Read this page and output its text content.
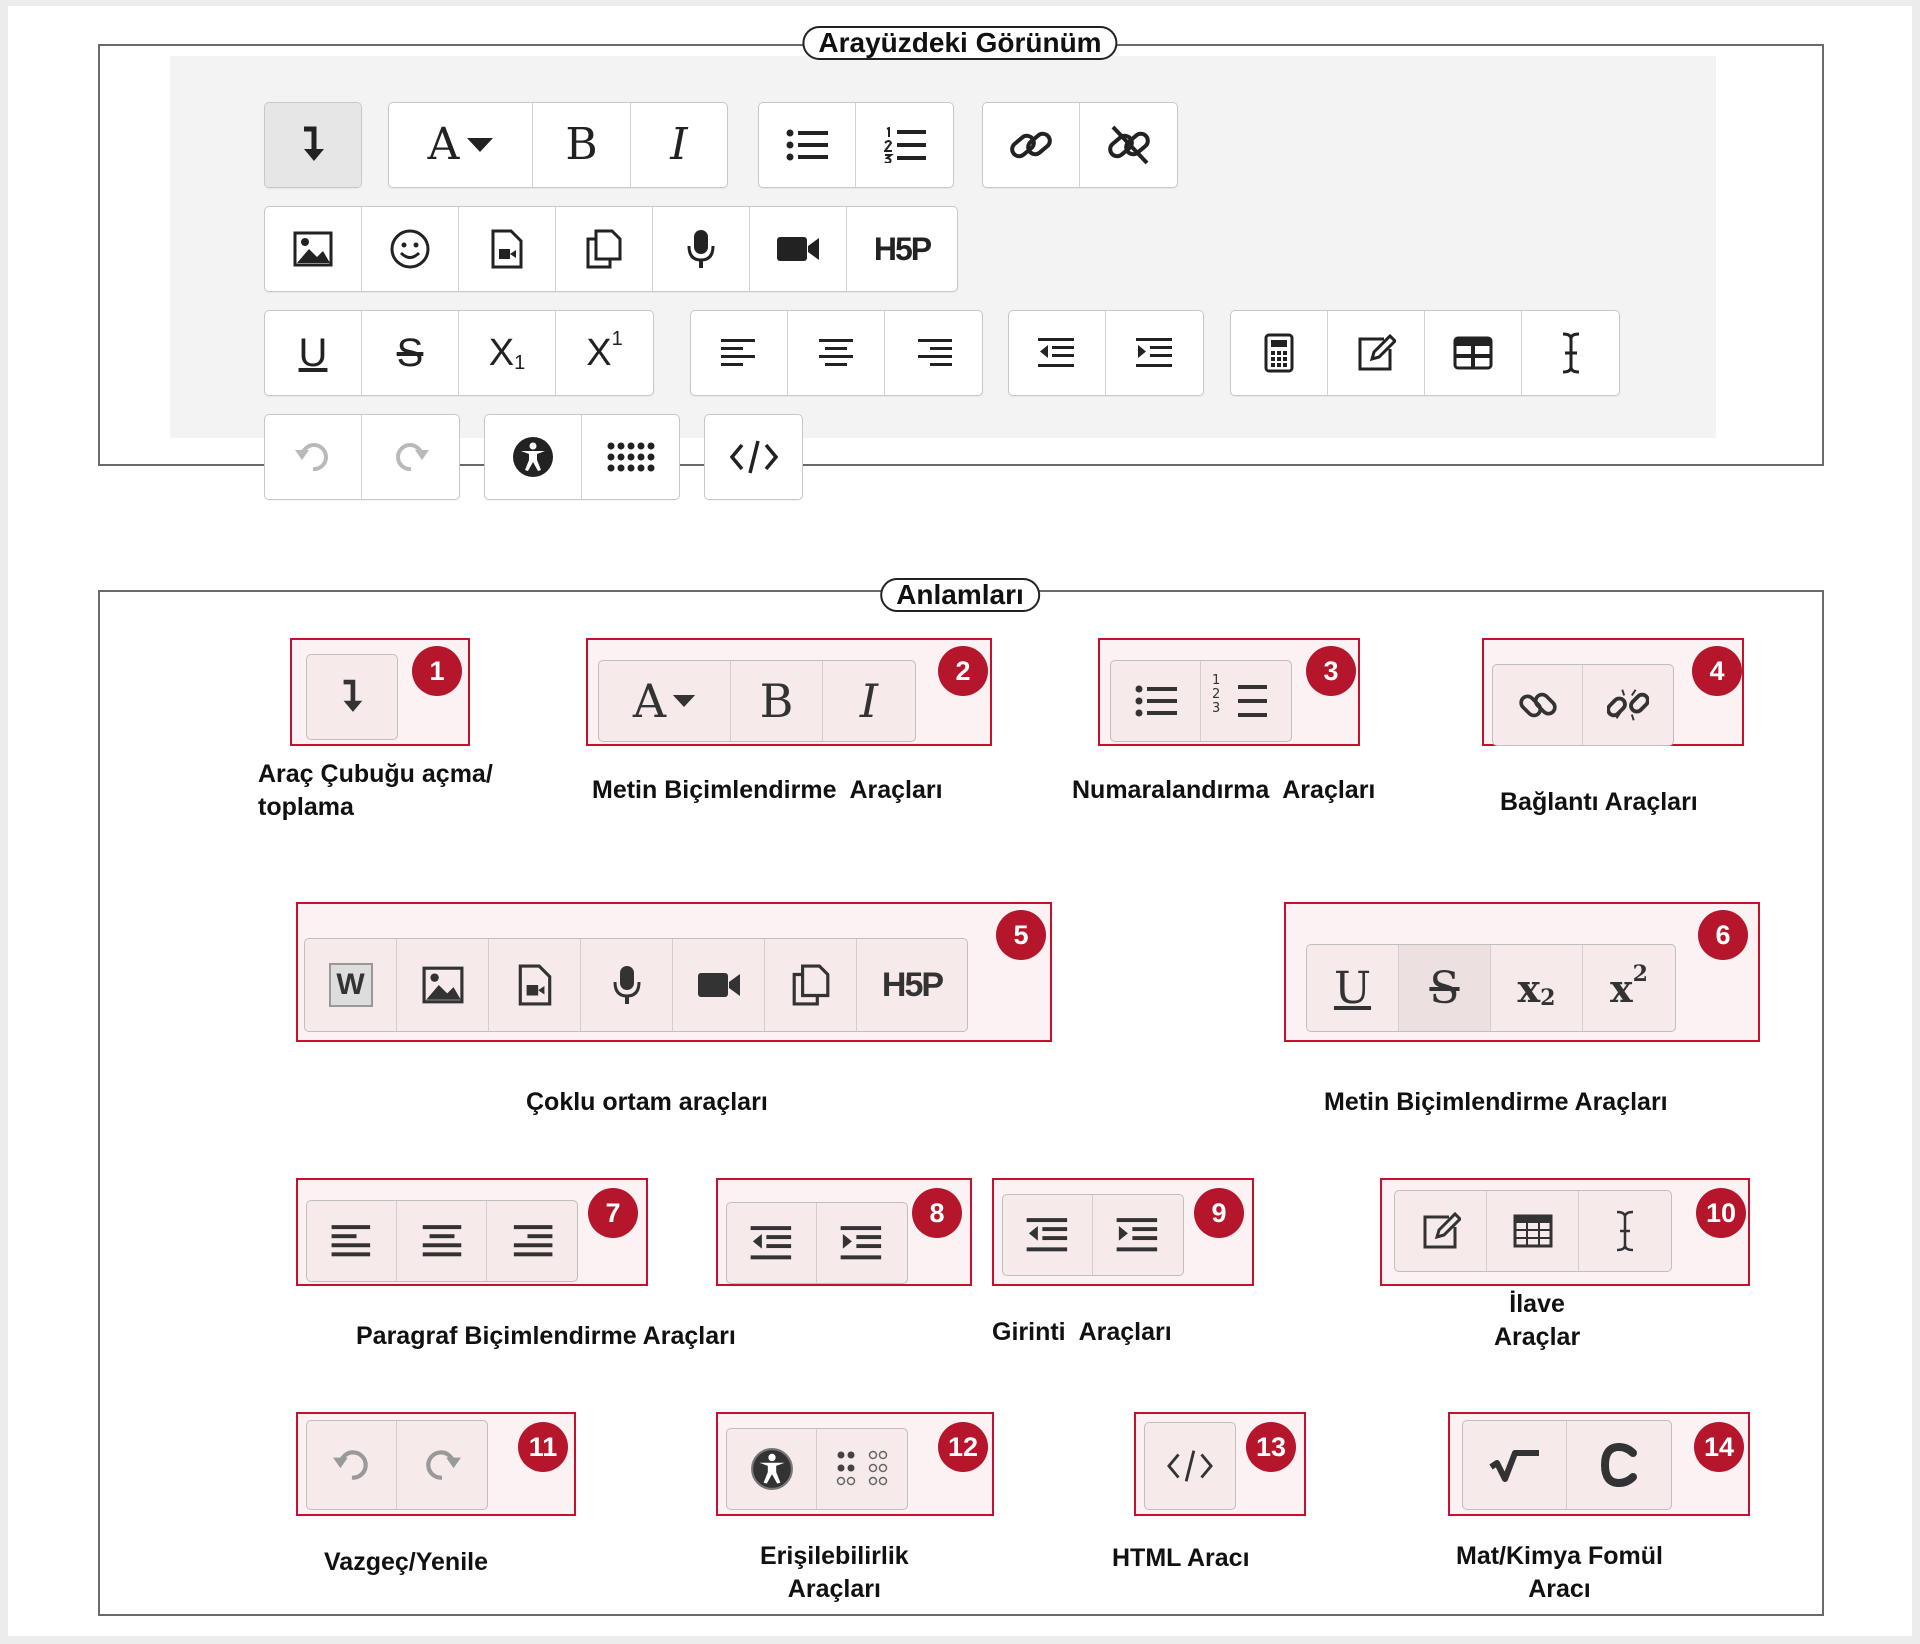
Arayüzdeki Görünüm
A B I
H5P
U S X 1 X 1
Anlamları
1
Araç Çubuğu açma/
toplama
A B I
2
Metin Biçimlendirme  Araçları
1
2
3
3
Numaralandırma  Araçları
4
Bağlantı Araçları
W	H5P
5
Çoklu ortam araçları
U S x 2 x 2
6
Metin Biçimlendirme Araçları
7
Paragraf Biçimlendirme Araçları
8	9
Girinti  Araçları
10
İlave
Araçlar
11
Vazgeç/Yenile
12
Erişilebilirlik
Araçları
13
HTML Aracı
14
Mat/Kimya Fomül
Aracı
